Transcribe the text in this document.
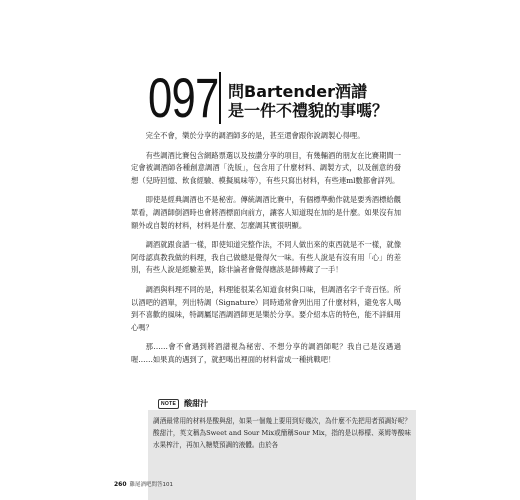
097 問Bartender酒譜
是一件不禮貌的事嗎？

完全不會，樂於分享的調酒師多的是，甚至還會跟你說調製心得哩。

有些調酒比賽包含網路票選以及按讚分享的項目，有幾輛酒的朋友在比賽期間一定會被調酒師各種創意調酒「洗版」，包含用了什麼材料、調製方式，以及創意的發想（兒時回憶、飲食經驗、模擬風味等），有些只寫出材料，有些連ml數都會詳列。

即使是經典調酒也不是秘密。傳統調酒比賽中，有個標準動作就是要秀酒標給觀眾看，調酒師倒酒時也會將酒標面向前方，讓客人知道現在加的是什麼。如果沒有加額外或自製的材料，材料是什麼、怎麼調其實很明顯。

調酒就跟食譜一樣，即使知道完整作法，不同人做出來的東西就是不一樣，就像阿母認真教我做的料理，我自己做總是覺得欠一味。有些人說是有沒有用「心」的差別，有些人說是經驗差異，除非論者會覺得應該是師傅藏了一手！

調酒與料理不同的是，料理能很某名知道食材與口味，但調酒名字千奇百怪。所以酒吧的酒單，列出特調（Signature）同時通常會列出用了什麼材料，避免客人喝到不喜歡的風味，特調屬尾酒調酒師更是樂於分享。要介紹本店的特色，能不詳細用心嗎？

那……會不會遇到將酒譜視為秘密、不想分享的調酒師呢？我自己是沒遇過喔……如果真的遇到了，就把喝出裡面的材料當成一種挑戰吧！

NOTE	酸甜汁
調酒最常用的材料是酸與甜，如果一個幾上要用到好幾次，為什麼不先把用者預調好呢？酸甜汁，英文稱為Sweet and Sour Mix或簡稱Sour Mix，指的是以檸檬、萊姆等酸味水果榨汁，再加入糖漿預調的液體。由於各
260 雞尾酒吧問答101
